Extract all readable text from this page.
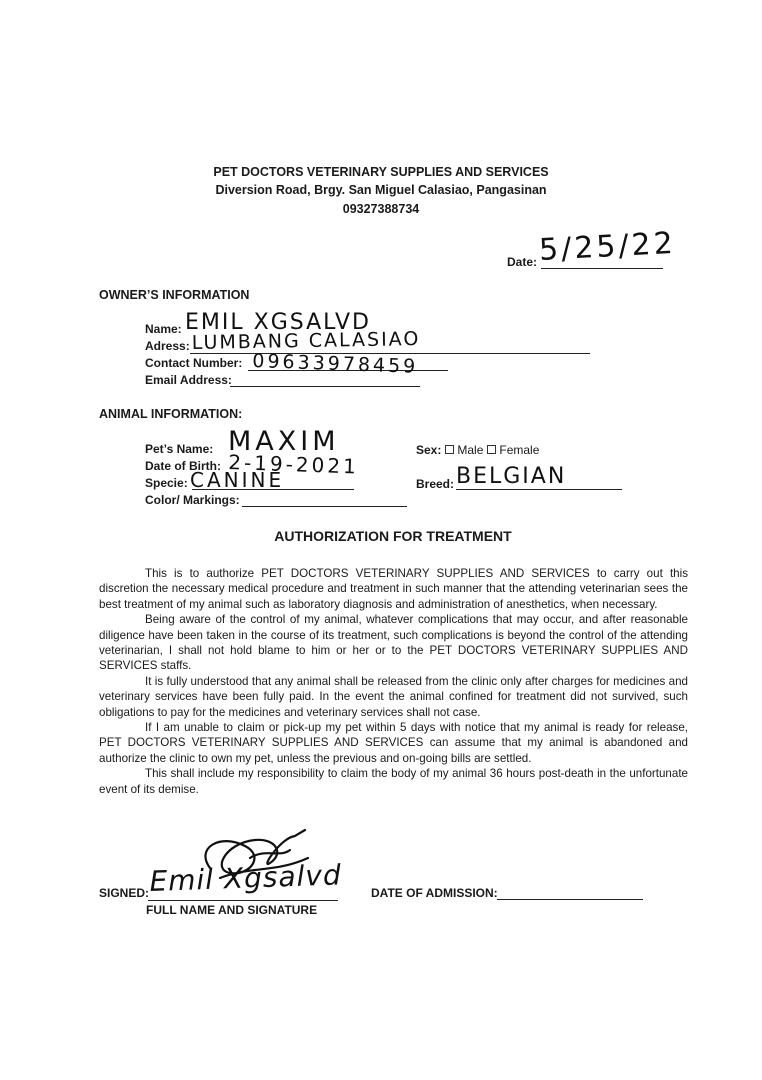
PET DOCTORS VETERINARY SUPPLIES AND SERVICES
Diversion Road, Brgy. San Miguel Calasiao, Pangasinan
09327388734
Date: 5/25/22
OWNER’S INFORMATION
Name: EMIL XGSALVD
Adress: LUMBANG CALASIAO
Contact Number: 09633978459
Email Address:
ANIMAL INFORMATION:
Pet’s Name: MAXIM
Date of Birth: 2-19-2021
Specie: CANINE
Color/ Markings:
Sex: Male Female
Breed: BELGIAN
AUTHORIZATION FOR TREATMENT

This is to authorize PET DOCTORS VETERINARY SUPPLIES AND SERVICES to carry out this discretion the necessary medical procedure and treatment in such manner that the attending veterinarian sees the best treatment of my animal such as laboratory diagnosis and administration of anesthetics, when necessary.

Being aware of the control of my animal, whatever complications that may occur, and after reasonable diligence have been taken in the course of its treatment, such complications is beyond the control of the attending veterinarian, I shall not hold blame to him or her or to the PET DOCTORS VETERINARY SUPPLIES AND SERVICES staffs.

It is fully understood that any animal shall be released from the clinic only after charges for medicines and veterinary services have been fully paid. In the event the animal confined for treatment did not survived, such obligations to pay for the medicines and veterinary services shall not case.

If I am unable to claim or pick-up my pet within 5 days with notice that my animal is ready for release, PET DOCTORS VETERINARY SUPPLIES AND SERVICES can assume that my animal is abandoned and authorize the clinic to own my pet, unless the previous and on-going bills are settled.

This shall include my responsibility to claim the body of my animal 36 hours post-death in the unfortunate event of its demise.

SIGNED: Emil Xgsalvd
FULL NAME AND SIGNATURE
DATE OF ADMISSION:
